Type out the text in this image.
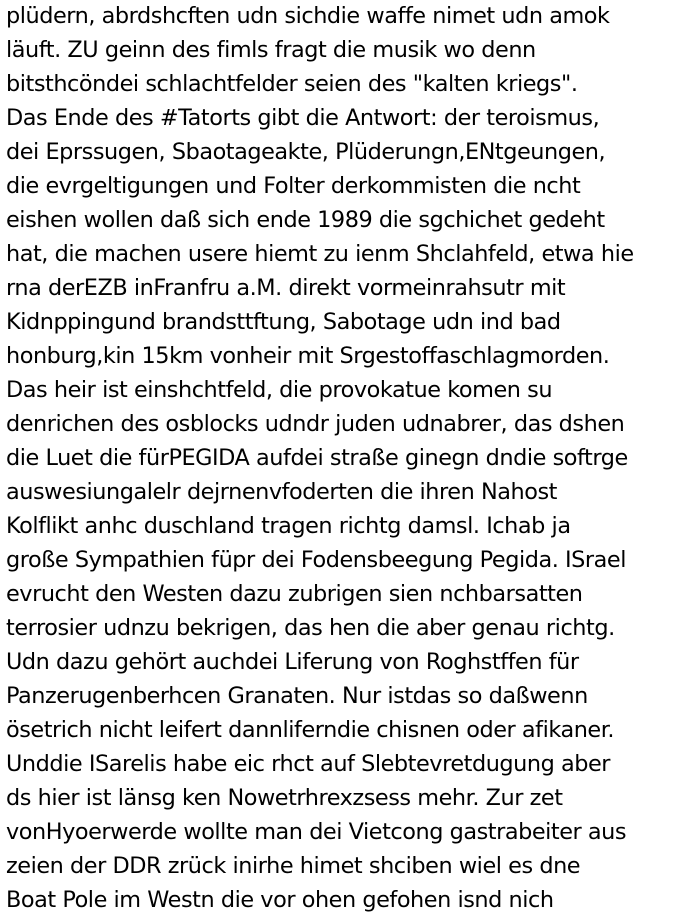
plüdern, abrdshcften udn sichdie waffe nimet udn amok
läuft. ZU geinn des fimls fragt die musik wo denn
bitsthcöndei schlachtfelder seien des "kalten kriegs".
Das Ende des #Tatorts gibt die Antwort: der teroismus,
dei Eprssugen, Sbaotageakte, Plüderungn,ENtgeungen,
die evrgeltigungen und Folter derkommisten die ncht
eishen wollen daß sich ende 1989 die sgchichet gedeht
hat, die machen usere hiemt zu ienm Shclahfeld, etwa hie
rna derEZB inFranfru a.M. direkt vormeinrahsutr mit
Kidnppingund brandsttftung, Sabotage udn ind bad
honburg,kin 15km vonheir mit Srgestoffaschlagmorden.
Das heir ist einshchtfeld, die provokatue komen su
denrichen des osblocks udndr juden udnabrer, das dshen
die Luet die fürPEGIDA aufdei straße ginegn dndie softrge
auswesiungalelr dejrnenvfoderten die ihren Nahost
Kolflikt anhc duschland tragen richtg damsl. Ichab ja
große Sympathien füpr dei Fodensbeegung Pegida. ISrael
evrucht den Westen dazu zubrigen sien nchbarsatten
terrosier udnzu bekrigen, das hen die aber genau richtg.
Udn dazu gehört auchdei Liferung von Roghstffen für
Panzerugenberhcen Granaten. Nur istdas so daßwenn
ösetrich nicht leifert dannliferndie chisnen oder afikaner.
Unddie ISarelis habe eic rhct auf Slebtevretdugung aber
ds hier ist länsg ken Nowetrhrexzsess mehr. Zur zet
vonHyoerwerde wollte man dei Vietcong gastrabeiter aus
zeien der DDR zrück inirhe himet shciben wiel es dne
Boat Pole im Westn die vor ohen gefohen isnd nich
